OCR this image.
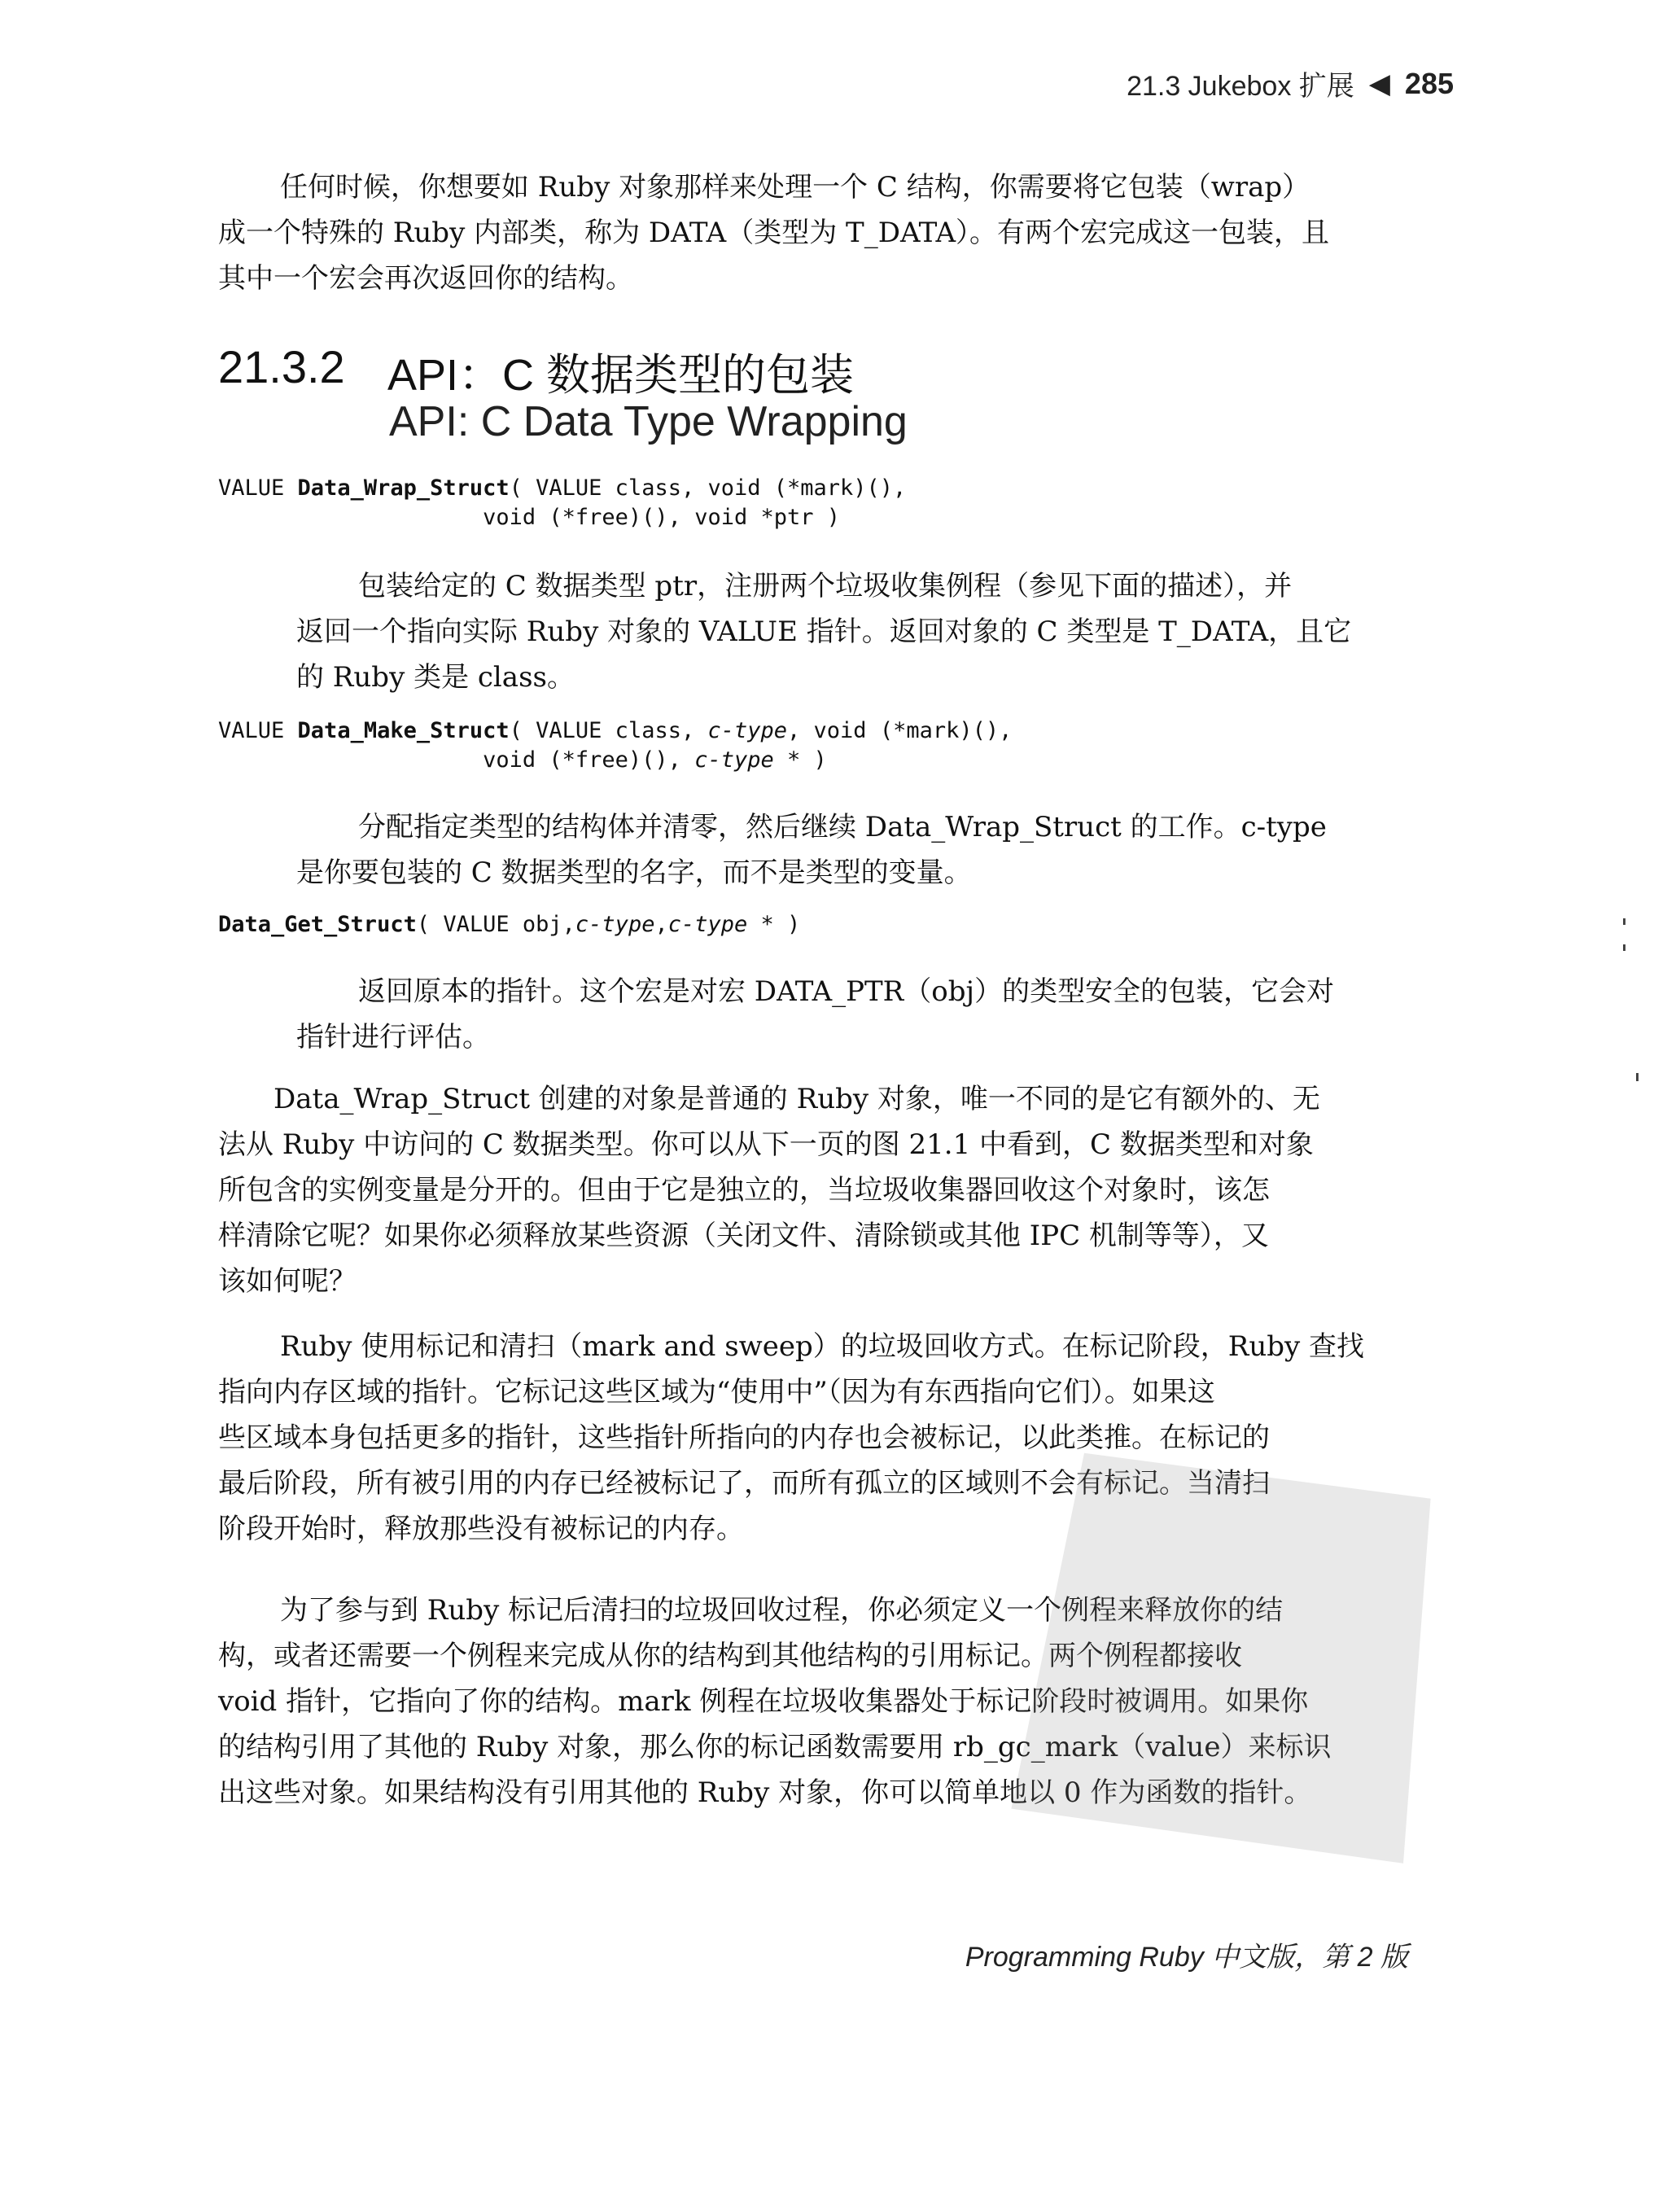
21.3 Jukebox 扩展 ◀ 285
任何时候，你想要如 Ruby 对象那样来处理一个 C 结构，你需要将它包装（wrap）
成一个特殊的 Ruby 内部类，称为 DATA（类型为 T_DATA）。有两个宏完成这一包装，且
其中一个宏会再次返回你的结构。
21.3.2 API：C 数据类型的包装
API: C Data Type Wrapping
VALUE Data_Wrap_Struct( VALUE class, void (*mark)(),
void (*free)(), void *ptr )
包装给定的 C 数据类型 ptr，注册两个垃圾收集例程（参见下面的描述），并
返回一个指向实际 Ruby 对象的 VALUE 指针。返回对象的 C 类型是 T_DATA，且它
的 Ruby 类是 class。
VALUE Data_Make_Struct( VALUE class, c-type, void (*mark)(),
void (*free)(), c-type * )
分配指定类型的结构体并清零，然后继续 Data_Wrap_Struct 的工作。c-type
是你要包装的 C 数据类型的名字，而不是类型的变量。
Data_Get_Struct( VALUE obj,c-type,c-type * )
返回原本的指针。这个宏是对宏 DATA_PTR（obj）的类型安全的包装，它会对
指针进行评估。
Data_Wrap_Struct 创建的对象是普通的 Ruby 对象，唯一不同的是它有额外的、无
法从 Ruby 中访问的 C 数据类型。你可以从下一页的图 21.1 中看到，C 数据类型和对象
所包含的实例变量是分开的。但由于它是独立的，当垃圾收集器回收这个对象时，该怎
样清除它呢？如果你必须释放某些资源（关闭文件、清除锁或其他 IPC 机制等等），又
该如何呢？
Ruby 使用标记和清扫（mark and sweep）的垃圾回收方式。在标记阶段，Ruby 查找
指向内存区域的指针。它标记这些区域为“使用中”（因为有东西指向它们）。如果这
些区域本身包括更多的指针，这些指针所指向的内存也会被标记，以此类推。在标记的
最后阶段，所有被引用的内存已经被标记了，而所有孤立的区域则不会有标记。当清扫
阶段开始时，释放那些没有被标记的内存。
为了参与到 Ruby 标记后清扫的垃圾回收过程，你必须定义一个例程来释放你的结
构，或者还需要一个例程来完成从你的结构到其他结构的引用标记。两个例程都接收
void 指针，它指向了你的结构。mark 例程在垃圾收集器处于标记阶段时被调用。如果你
的结构引用了其他的 Ruby 对象，那么你的标记函数需要用 rb_gc_mark（value）来标识
出这些对象。如果结构没有引用其他的 Ruby 对象，你可以简单地以 0 作为函数的指针。
Programming Ruby 中文版，第 2 版
